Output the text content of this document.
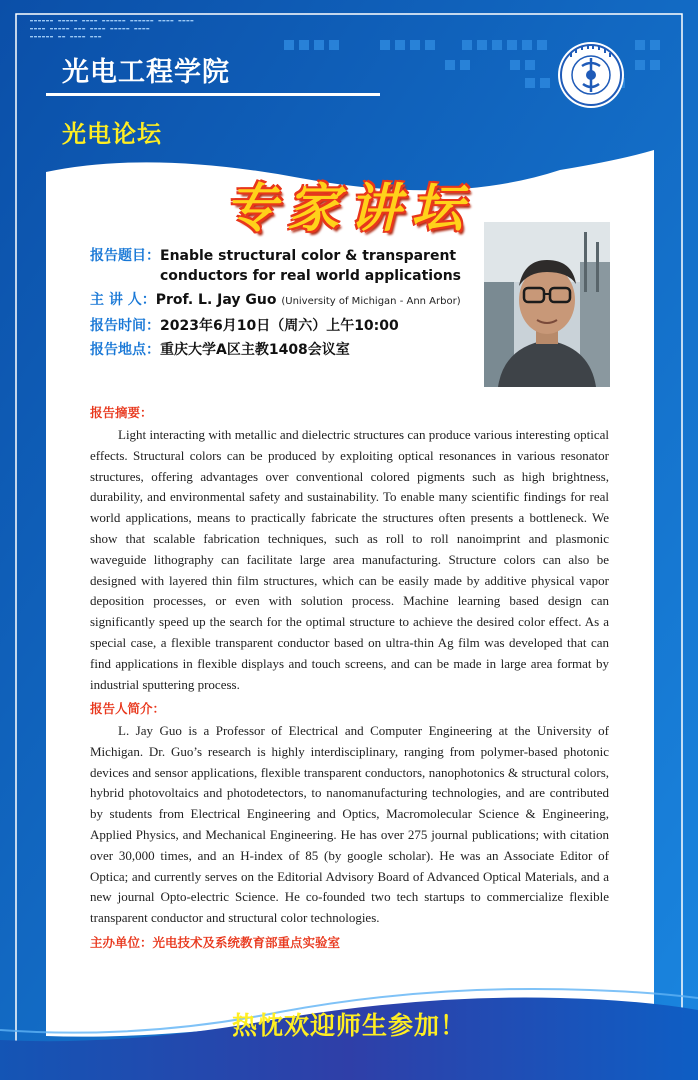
▬▬▬▬▬▬ ▬▬▬▬▬ ▬▬▬▬ ▬▬▬▬▬▬ ▬▬▬▬▬▬ ▬▬▬▬ ▬▬▬▬
▬▬▬▬ ▬▬▬▬▬ ▬▬▬ ▬▬▬▬ ▬▬▬▬▬ ▬▬▬▬
▬▬▬▬▬▬ ▬▬ ▬▬▬▬ ▬▬▬
光电工程学院
光电论坛
专家讲坛
报告题目： Enable structural color & transparent conductors for real world applications
主 讲 人： Prof. L. Jay Guo (University of Michigan - Ann Arbor)
报告时间： 2023年6月10日（周六）上午10:00
报告地点： 重庆大学A区主教1408会议室
报告摘要：

Light interacting with metallic and dielectric structures can produce various interesting optical effects. Structural colors can be produced by exploiting optical resonances in various resonator structures, offering advantages over conventional colored pigments such as high brightness, durability, and environmental safety and sustainability. To enable many scientific findings for real world applications, means to practically fabricate the structures often presents a bottleneck. We show that scalable fabrication techniques, such as roll to roll nanoimprint and plasmonic waveguide lithography can facilitate large area manufacturing. Structure colors can also be designed with layered thin film structures, which can be easily made by additive physical vapor deposition processes, or even with solution process. Machine learning based design can significantly speed up the search for the optimal structure to achieve the desired color effect. As a special case, a flexible transparent conductor based on ultra-thin Ag film was developed that can find applications in flexible displays and touch screens, and can be made in large area format by industrial sputtering process.

报告人简介：

L. Jay Guo is a Professor of Electrical and Computer Engineering at the University of Michigan. Dr. Guo’s research is highly interdisciplinary, ranging from polymer-based photonic devices and sensor applications, flexible transparent conductors, nanophotonics & structural colors, hybrid photovoltaics and photodetectors, to nanomanufacturing technologies, and are contributed by students from Electrical Engineering and Optics, Macromolecular Science & Engineering, Applied Physics, and Mechanical Engineering. He has over 275 journal publications; with citation over 30,000 times, and an H-index of 85 (by google scholar). He was an Associate Editor of Optica; and currently serves on the Editorial Advisory Board of Advanced Optical Materials, and a new journal Opto-electric Science. He co-founded two tech startups to commercialize flexible transparent conductor and structural color technologies.

主办单位：光电技术及系统教育部重点实验室

热忱欢迎师生参加！
